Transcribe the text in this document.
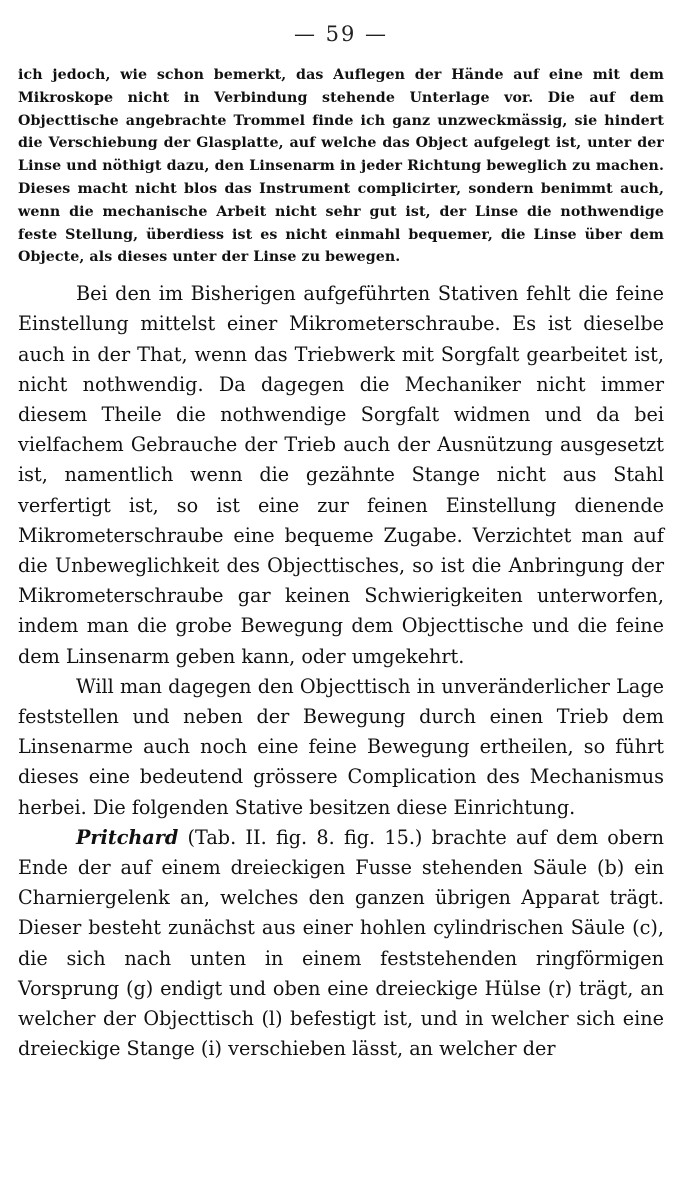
— 59 —
ich jedoch, wie schon bemerkt, das Auflegen der Hände auf eine mit dem Mikroskope nicht in Verbindung stehende Unterlage vor. Die auf dem Objecttische angebrachte Trommel finde ich ganz unzweckmässig, sie hindert die Verschiebung der Glasplatte, auf welche das Object aufgelegt ist, unter der Linse und nöthigt dazu, den Linsenarm in jeder Richtung beweglich zu machen. Dieses macht nicht blos das Instrument complicirter, sondern benimmt auch, wenn die mechanische Arbeit nicht sehr gut ist, der Linse die nothwendige feste Stellung, überdiess ist es nicht einmahl bequemer, die Linse über dem Objecte, als dieses unter der Linse zu bewegen.

Bei den im Bisherigen aufgeführten Stativen fehlt die feine Einstellung mittelst einer Mikrometerschraube. Es ist dieselbe auch in der That, wenn das Triebwerk mit Sorgfalt gearbeitet ist, nicht nothwendig. Da dagegen die Mechaniker nicht immer diesem Theile die nothwendige Sorgfalt widmen und da bei vielfachem Gebrauche der Trieb auch der Ausnützung ausgesetzt ist, namentlich wenn die gezähnte Stange nicht aus Stahl verfertigt ist, so ist eine zur feinen Einstellung dienende Mikrometerschraube eine bequeme Zugabe. Verzichtet man auf die Unbeweglichkeit des Objecttisches, so ist die Anbringung der Mikrometerschraube gar keinen Schwierigkeiten unterworfen, indem man die grobe Bewegung dem Objecttische und die feine dem Linsenarm geben kann, oder umgekehrt.

Will man dagegen den Objecttisch in unveränderlicher Lage feststellen und neben der Bewegung durch einen Trieb dem Linsenarme auch noch eine feine Bewegung ertheilen, so führt dieses eine bedeutend grössere Complication des Mechanismus herbei. Die folgenden Stative besitzen diese Einrichtung.

Pritchard (Tab. II. fig. 8. fig. 15.) brachte auf dem obern Ende der auf einem dreieckigen Fusse stehenden Säule (b) ein Charniergelenk an, welches den ganzen übrigen Apparat trägt. Dieser besteht zunächst aus einer hohlen cylindrischen Säule (c), die sich nach unten in einem feststehenden ringförmigen Vorsprung (g) endigt und oben eine dreieckige Hülse (r) trägt, an welcher der Objecttisch (l) befestigt ist, und in welcher sich eine dreieckige Stange (i) verschieben lässt, an welcher der
